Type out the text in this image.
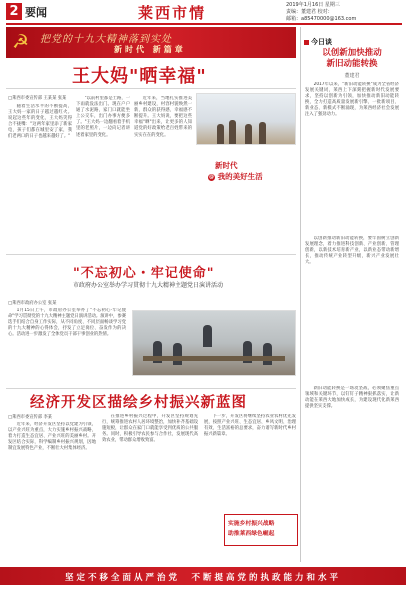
2 要闻	莱西市情	2019年1月16日 星期三
责编：董建君 校对：
邮箱：a85470000@163.com
☭ 把党的十九大精神落到实处
新时代 新篇章
今日谈
以创新加快推动
新旧动能转换
董建君

2017年以来，"新旧动能转换"成为全省经济发展关键词，莱西上下深刻把握新时代发展要求，坚持以创新为引领，加快推动新旧动能转换，全力打造高质量发展新引擎，一批新项目、新业态、新模式不断涌现，为莱西经济社会发展注入了强劲动力。

以创新推动新旧动能转换，要牢固树立创新发展理念，着力推进科技创新、产业创新、管理创新，以新技术培育新产业，以新业态带动新增长，推动传统产业转型升级，新兴产业发展壮大。

新旧动能转换是一场攻坚战，必须聚焦重点领域和关键环节，以钉钉子精神狠抓落实，让新动能在莱西大地加快成长，为建设现代化新莱西提供坚实支撑。

王大妈"晒幸福"
□莱西市委宣传部 王某某 张某

随着生活水平的不断提高，王大妈一家的日子越过越红火。说起这些年的变化，王大妈笑得合不拢嘴："这两年家里添了新家电，孩子们都在城里安了家，我们老两口的日子也越来越好了。"

"以前村里都是土路，一下雨就没法出门。现在户户通了水泥路，家门口就能坐上公交车，出门办事方便多了。"王大妈一边翻看着手机里的老照片，一边向记者讲述着家里的变化。

近年来，当地扎实推进美丽乡村建设，村容村貌焕然一新，群众的获得感、幸福感不断提升。王大妈说，要把这些幸福"晒"出来，让更多的人知道党的好政策给老百姓带来的实实在在的变化。

新时代
@ 我的美好生活
"不忘初心・牢记使命"
市政府办公室举办学习贯彻十九大精神主题党日演讲活动
□莱西市政府办公室 张某

1月15日上午，市政府办公室举办了"不忘初心·牢记使命"学习贯彻党的十九大精神主题党日演讲活动。演讲中，参赛选手们结合自身工作实际，从不同角度、不同层面畅谈学习党的十九大精神的心得体会，抒发了立足岗位、奋发作为的决心。活动进一步激发了全体党员干部干事创业的热情。

经济开发区描绘乡村振兴新蓝图
□莱西市委宣传部 李某

近年来，经济开发区坚持以党建为引领，以产业兴旺为重点，大力实施乡村振兴战略，着力打造生态宜居、产业兴旺的美丽乡村。开发区结合实际，科学编制乡村振兴规划，因地制宜发展特色产业，不断壮大村集体经济。

在推进乡村振兴过程中，开发区坚持规划先行，统筹推进农村人居环境整治，加快补齐基础设施短板，让群众在家门口就能享受到优质的公共服务。同时，积极引导农民参与合作社，发展现代高效农业，带动群众增收致富。

下一步，开发区将继续坚持农业农村优先发展，按照产业兴旺、生态宜居、乡风文明、治理有效、生活富裕的总要求，奋力谱写新时代乡村振兴新篇章。

实施乡村振兴战略
助推莱西绿色崛起
坚定不移全面从严治党　不断提高党的执政能力和水平
